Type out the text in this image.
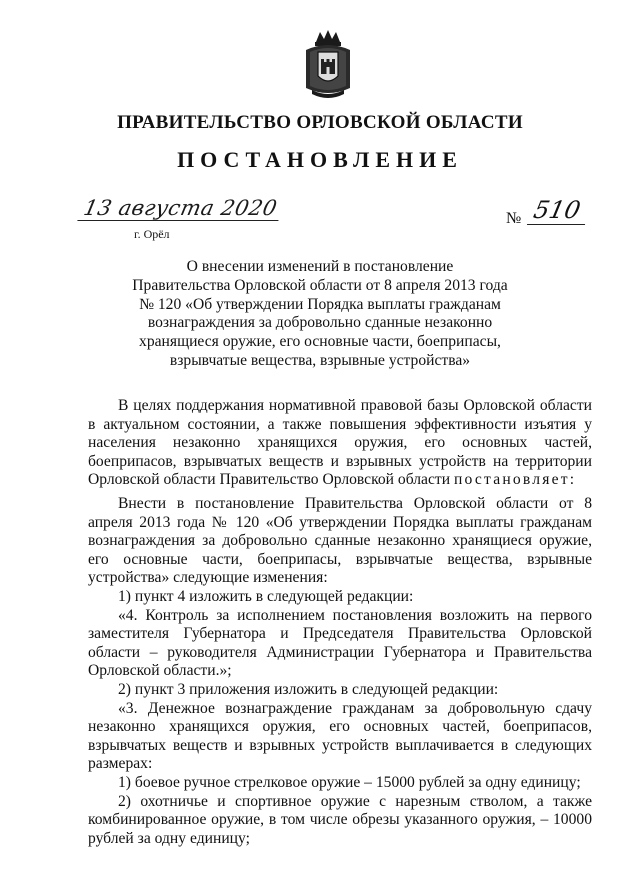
ПРАВИТЕЛЬСТВО ОРЛОВСКОЙ ОБЛАСТИ
ПОСТАНОВЛЕНИЕ
13 августа 2020
г. Орёл
№ 510
О внесении изменений в постановление
Правительства Орловской области от 8 апреля 2013 года
№ 120 «Об утверждении Порядка выплаты гражданам
вознаграждения за добровольно сданные незаконно
хранящиеся оружие, его основные части, боеприпасы,
взрывчатые вещества, взрывные устройства»

В целях поддержания нормативной правовой базы Орловской области в актуальном состоянии, а также повышения эффективности изъятия у населения незаконно хранящихся оружия, его основных частей, боеприпасов, взрывчатых веществ и взрывных устройств на территории Орловской области Правительство Орловской области постановляет:

Внести в постановление Правительства Орловской области от 8 апреля 2013 года № 120 «Об утверждении Порядка выплаты гражданам вознаграждения за добровольно сданные незаконно хранящиеся оружие, его основные части, боеприпасы, взрывчатые вещества, взрывные устройства» следующие изменения:

1) пункт 4 изложить в следующей редакции:

«4. Контроль за исполнением постановления возложить на первого заместителя Губернатора и Председателя Правительства Орловской области – руководителя Администрации Губернатора и Правительства Орловской области.»;

2) пункт 3 приложения изложить в следующей редакции:

«3. Денежное вознаграждение гражданам за добровольную сдачу незаконно хранящихся оружия, его основных частей, боеприпасов, взрывчатых веществ и взрывных устройств выплачивается в следующих размерах:

1) боевое ручное стрелковое оружие – 15000 рублей за одну единицу;

2) охотничье и спортивное оружие с нарезным стволом, а также комбинированное оружие, в том числе обрезы указанного оружия, – 10000 рублей за одну единицу;
